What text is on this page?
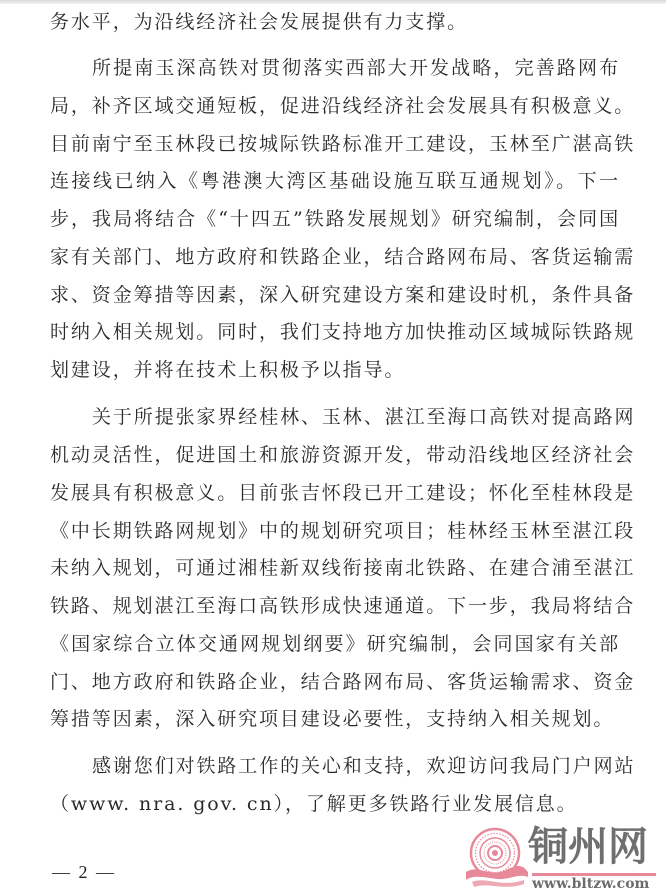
务水平，为沿线经济社会发展提供有力支撑。
所提南玉深高铁对贯彻落实西部大开发战略，完善路网布
局，补齐区域交通短板，促进沿线经济社会发展具有积极意义。
目前南宁至玉林段已按城际铁路标准开工建设，玉林至广湛高铁
连接线已纳入《粤港澳大湾区基础设施互联互通规划》。下一
步，我局将结合《“十四五”铁路发展规划》研究编制，会同国
家有关部门、地方政府和铁路企业，结合路网布局、客货运输需
求、资金筹措等因素，深入研究建设方案和建设时机，条件具备
时纳入相关规划。同时，我们支持地方加快推动区域城际铁路规
划建设，并将在技术上积极予以指导。
关于所提张家界经桂林、玉林、湛江至海口高铁对提高路网
机动灵活性，促进国土和旅游资源开发，带动沿线地区经济社会
发展具有积极意义。目前张吉怀段已开工建设；怀化至桂林段是
《中长期铁路网规划》中的规划研究项目；桂林经玉林至湛江段
未纳入规划，可通过湘桂新双线衔接南北铁路、在建合浦至湛江
铁路、规划湛江至海口高铁形成快速通道。下一步，我局将结合
《国家综合立体交通网规划纲要》研究编制，会同国家有关部
门、地方政府和铁路企业，结合路网布局、客货运输需求、资金
筹措等因素，深入研究项目建设必要性，支持纳入相关规划。
感谢您们对铁路工作的关心和支持，欢迎访问我局门户网站
（www. nra. gov. cn），了解更多铁路行业发展信息。
— 2 —
铜州网
www.bltzw.com
